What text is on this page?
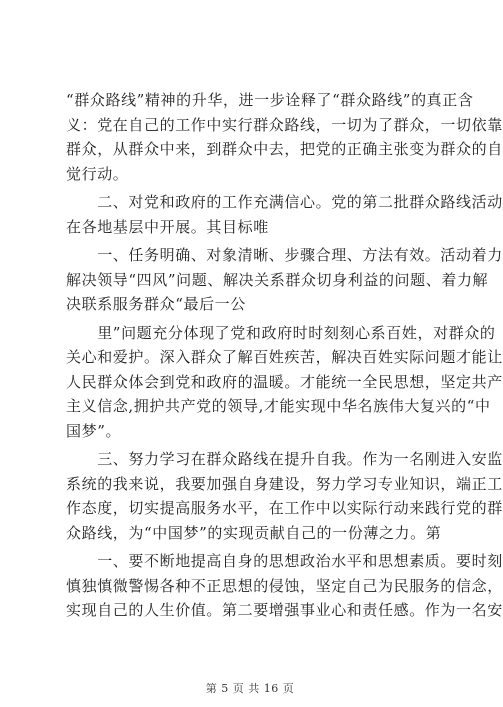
“群众路线”精神的升华，进一步诠释了“群众路线”的真正含
义：党在自己的工作中实行群众路线，一切为了群众，一切依靠
群众，从群众中来，到群众中去，把党的正确主张变为群众的自
觉行动。
　　二、对党和政府的工作充满信心。党的第二批群众路线活动
在各地基层中开展。其目标唯
　　一、任务明确、对象清晰、步骤合理、方法有效。活动着力
解决领导“四风”问题、解决关系群众切身利益的问题、着力解
决联系服务群众“最后一公
　　里”问题充分体现了党和政府时时刻刻心系百姓，对群众的
关心和爱护。深入群众了解百姓疾苦，解决百姓实际问题才能让
人民群众体会到党和政府的温暖。才能统一全民思想，坚定共产
主义信念,拥护共产党的领导,才能实现中华名族伟大复兴的“中
国梦”。
　　三、努力学习在群众路线在提升自我。作为一名刚进入安监
系统的我来说，我要加强自身建设，努力学习专业知识，端正工
作态度，切实提高服务水平，在工作中以实际行动来践行党的群
众路线，为“中国梦”的实现贡献自己的一份薄之力。第
　　一、要不断地提高自身的思想政治水平和思想素质。要时刻
慎独慎微警惕各种不正思想的侵蚀，坚定自己为民服务的信念，
实现自己的人生价值。第二要增强事业心和责任感。作为一名安
第 5 页 共 16 页
